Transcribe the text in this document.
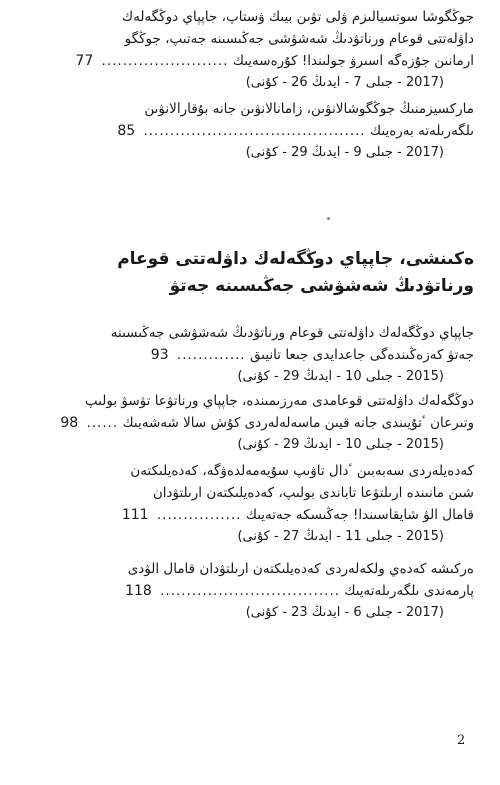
جوڭگوشا سوتسيالىزم ۋلى تۋىن بيىك ۋستاپ، جاپپاي دوڭگەلەك
داۋلەتتى قوعام ورناتۋدىڭ شەشۋشى جەڭىسىنە جەتىپ، جوڭگو
ارمانىن جۇزەگە اسىرۋ جولىندا! كۇرەسەيىك ........................ 77
(2017 - جىلى 7 - ايدىڭ 26 - كۇنى)
ماركسيزمنىڭ جوڭگوشالانۋىن، زامانالانۋىن جانە بۇقارالانۋىن
ىلگەرىلەتە بەرەيىك .......................................... 85
(2017 - جىلى 9 - ايدىڭ 29 - كۇنى)
ەكىنشى، جاپپاي دوڭگەلەك داۋلەتتى قوعام
ورناتۋدىڭ شەشۋشى جەڭىسىنە جەتۋ
جاپپاي دوڭگەلەك داۋلەتتى قوعام ورناتۋدىڭ شەشۋشى جەڭىسىنە
جەتۋ كەزەڭىندەگى جاعدايدى جىعا تانيىق ............. 93
(2015 - جىلى 10 - ايدىڭ 29 - كۇنى)
دوڭگەلەك داۋلەتتى قوعامدى مەرزىمىندە، جاپپاي ورناتۋعا تۋسۋ بولىپ
وتىرعان ٴتۇيىندى جانە قيىن ماسەلەلەردى كۇش سالا شەشەيىك ...... 98
(2015 - جىلى 10 - ايدىڭ 29 - كۇنى)
كەدەيلەردى سەبەبىن ٴدال تاۋىپ سۇيەمەلدەۋگە، كەدەيلىكتەن
شىن مانىندە ارىلتۋعا تاباندى بولىپ، كەدەيلىكتەن ارىلتۋدان
قامال الۋ شايقاسىندا! جەڭىسكە جەتەيىك ................ 111
(2015 - جىلى 11 - ايدىڭ 27 - كۇنى)
ەركىشە كەدەي ولكەلەردى كەدەيلىكتەن ارىلتۋدان قامال الۋدى
پارمەندى ىلگەرىلەتەيىك .................................. 118
(2017 - جىلى 6 - ايدىڭ 23 - كۇنى)
2
